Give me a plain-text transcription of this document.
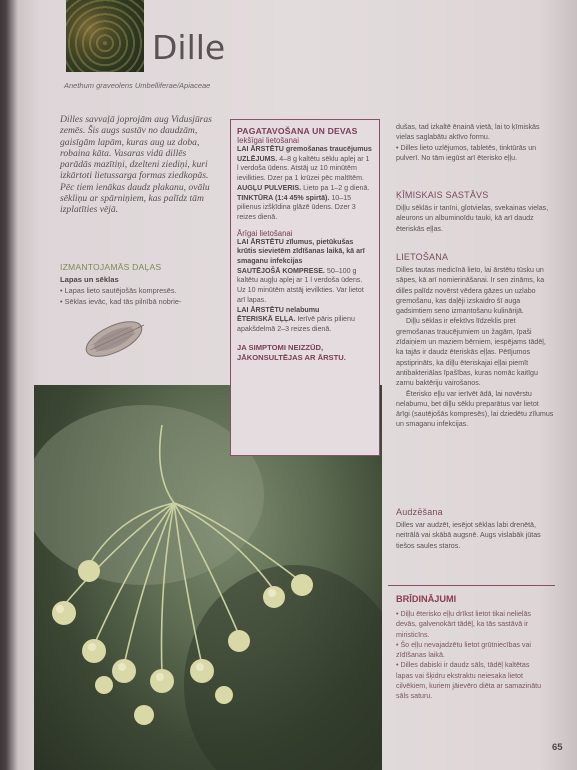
Dille
Anethum graveolens Umbelliferae/Apiaceae
Dilles savvaļā joprojām aug Vidusjūras zemēs. Šis augs sastāv no daudzām, gaisīgām lapām, kuras aug uz doba, robaina kāta. Vasaras vidū dillēs parādās mazītiņi, dzelteni ziediņi, kuri izkārtoti lietussarga formas ziedkopās. Pēc tiem ienākas daudz plakanu, ovālu sēkliņu ar spārniņiem, kas palīdz tām izplatīties vējā.
IZMANTOJAMĀS DAĻAS
Lapas un sēklas
• Lapas lieto sautējošās kompresēs.
• Sēklas ievāc, kad tās pilnībā nobrie-
PAGATAVOŠANA UN DEVAS
Iekšīgai lietošanai
LAI ĀRSTĒTU gremošanas traucējumus
UZLĒJUMS. 4–8 g kaltētu sēklu aplej ar 1 l verdoša ūdens. Atstāj uz 10 minūtēm ievilkties. Dzer pa 1 krūzei pēc maltītēm.
AUGĻU PULVERIS. Lieto pa 1–2 g dienā.
TINKTŪRA (1:4 45% spirtā). 10–15 pilienus izšķīdina glāzē ūdens. Dzer 3 reizes dienā.
Ārīgai lietošanai
LAI ĀRSTĒTU zīlumus, pietūkušas krūtis sievietēm zīdīšanas laikā, kā arī smaganu infekcijas
SAUTĒJOŠĀ KOMPRESE. 50–100 g kaltētu augļu aplej ar 1 l verdoša ūdens. Uz 10 minūtēm atstāj ievilkties. Var lietot arī lapas.
LAI ĀRSTĒTU nelabumu
ĒTERISKĀ EĻĻA. Ierīvē pāris pilienu apakšdelmā 2–3 reizes dienā.
JA SIMPTOMI NEIZZŪD, JĀKONSULTĒJAS AR ĀRSTU.
dušas, tad izkaltē ēnainā vietā, lai to ķīmiskās vielas saglabātu aktīvo formu.
• Dilles lieto uzlējumos, tabletēs, tinktūrās un pulverī. No tām iegūst arī ēterisko eļļu.
ĶĪMISKAIS SASTĀVS
Diļļu sēklās ir tanīni, glotvielas, svekainas vielas, aleurons un albuminoīdu tauki, kā arī daudz ēteriskās eļļas.
LIETOŠANA
Dilles tautas medicīnā lieto, lai ārstētu tūsku un sāpes, kā arī nomierināšanai. Ir sen zināms, ka dilles palīdz novērst vēdera gāzes un uzlabo gremošanu, kas daļēji izskaidro šī auga gadsimtiem seno izmantošanu kulinārijā.
Diļļu sēklas ir efektīvs līdzeklis pret gremošanas traucējumiem un žagām, īpaši zīdaiņiem un maziem bērniem, iespējams tādēļ, ka tajās ir daudz ēteriskās eļļas. Pētījumos apstiprināts, ka diļļu ēteriskajai eļļai piemīt antibakteriālas īpašības, kuras nomāc kaitīgu zarnu baktēriju vairošanos.
Ēterisko eļļu var ierīvēt ādā, lai novērstu nelabumu, bet diļļu sēklu preparātus var lietot ārīgi (sautējošās kompresēs), lai dziedētu zīlumus un smaganu infekcijas.
Audzēšana
Dilles var audzēt, iesējot sēklas labi drenētā, neitrālā vai skābā augsnē. Augs vislabāk jūtas tiešos saules staros.
BRĪDINĀJUMI
• Diļļu ēterisko eļļu drīkst lietot tikai nelielās devās, galvenokārt tādēļ, ka tās sastāvā ir miristicīns.
• Šo eļļu nevajadzētu lietot grūtniecības vai zīdīšanas laikā.
• Dilles dabiski ir daudz sāls, tādēļ kaltētas lapas vai šķidru ekstraktu neiesaka lietot cilvēkiem, kuriem jāievēro diēta ar samazinātu sāls saturu.
65
